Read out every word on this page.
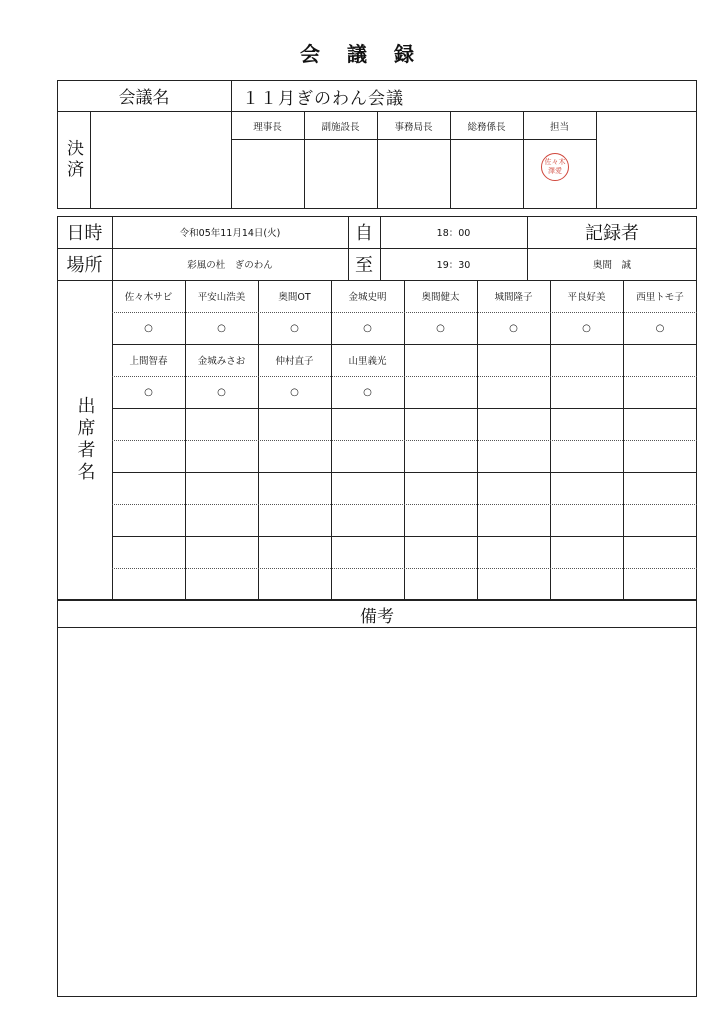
会 議 録
会議名	１１月ぎのわん会議
決済
理事長	副施設長	事務局長	総務係長	担当
佐々木 澤愛
日時	令和05年11月14日(火)	自	18：00	記録者
場所	彩風の杜　ぎのわん	至	19：30	奥間　誠
出席者名
佐々木サビ	平安山浩美	奥間OT	金城史明	奥間健太	城間隆子	平良好美	西里トモ子
○	○	○	○	○	○	○	○
上間智春	金城みさお	仲村直子	山里義光
○	○	○	○
備考
